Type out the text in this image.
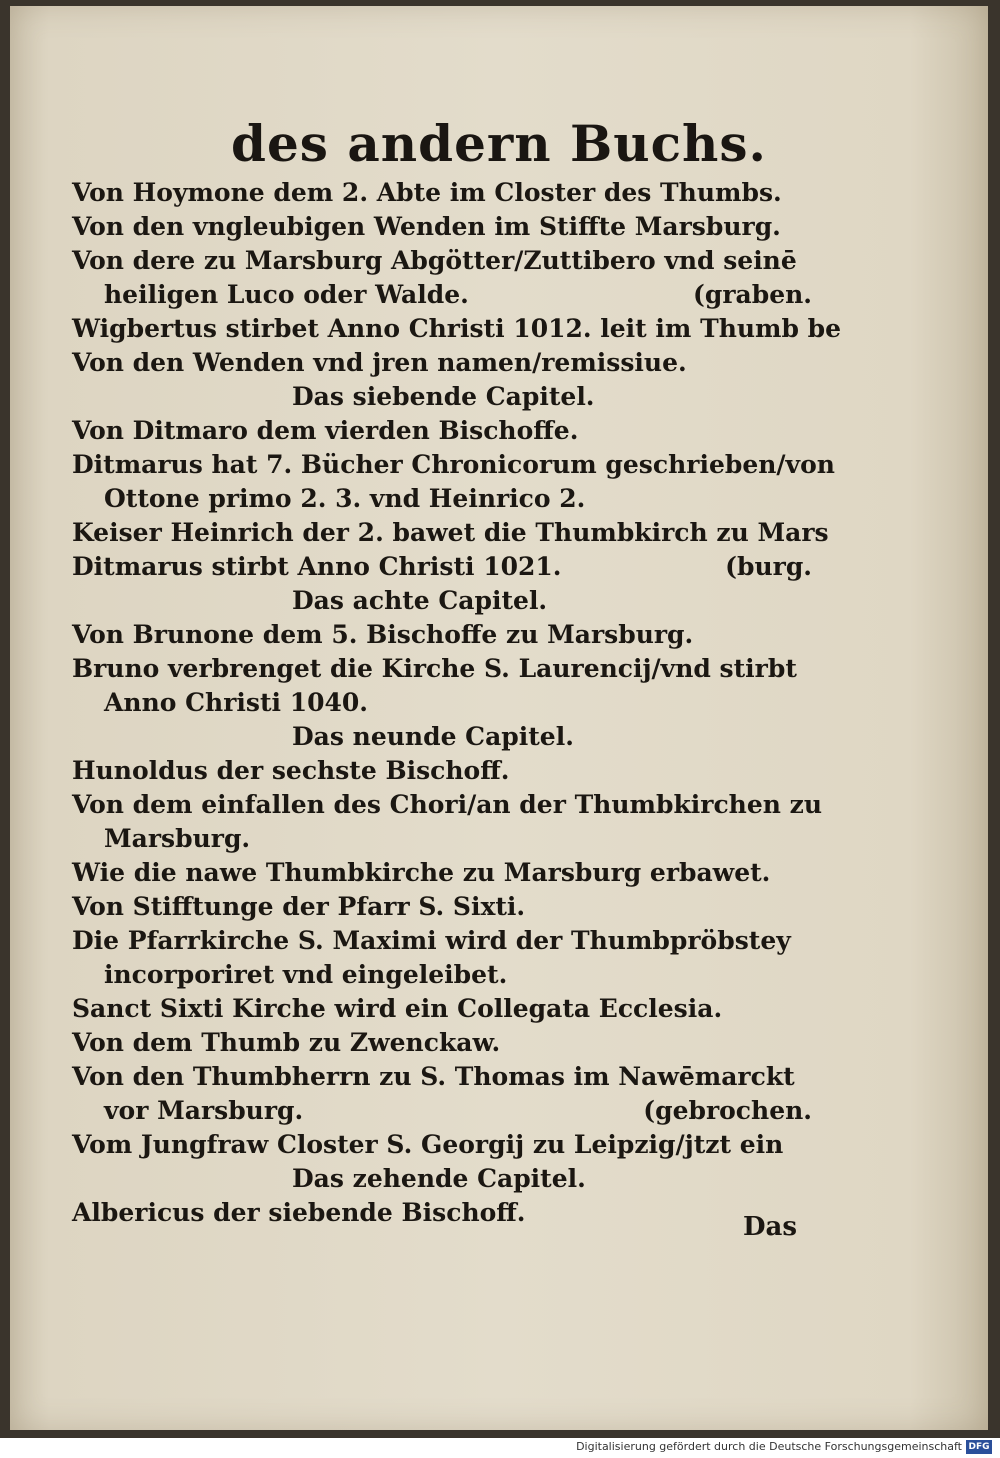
des andern Buchs.
Von Hoymone dem 2. Abte im Closter des Thumbs.
Von den vngleubigen Wenden im Stiffte Marsburg.
Von dere zu Marsburg Abgötter/Zuttibero vnd seinē
heiligen Luco oder Walde.	(graben.
Wigbertus stirbet Anno Christi 1012. leit im Thumb be
Von den Wenden vnd jren namen/remissiue.
Das siebende Capitel.
Von Ditmaro dem vierden Bischoffe.
Ditmarus hat 7. Bücher Chronicorum geschrieben/von
Ottone primo 2. 3. vnd Heinrico 2.
Keiser Heinrich der 2. bawet die Thumbkirch zu Mars
Ditmarus stirbt Anno Christi 1021.	(burg.
Das achte Capitel.
Von Brunone dem 5. Bischoffe zu Marsburg.
Bruno verbrenget die Kirche S. Laurencij/vnd stirbt
Anno Christi 1040.
Das neunde Capitel.
Hunoldus der sechste Bischoff.
Von dem einfallen des Chori/an der Thumbkirchen zu
Marsburg.
Wie die nawe Thumbkirche zu Marsburg erbawet.
Von Stifftunge der Pfarr S. Sixti.
Die Pfarrkirche S. Maximi wird der Thumbpröbstey
incorporiret vnd eingeleibet.
Sanct Sixti Kirche wird ein Collegata Ecclesia.
Von dem Thumb zu Zwenckaw.
Von den Thumbherrn zu S. Thomas im Nawēmarckt
vor Marsburg.	(gebrochen.
Vom Jungfraw Closter S. Georgij zu Leipzig/jtzt ein
Das zehende Capitel.
Albericus der siebende Bischoff.	Das
Digitalisierung gefördert durch die Deutsche Forschungsgemeinschaft DFG
